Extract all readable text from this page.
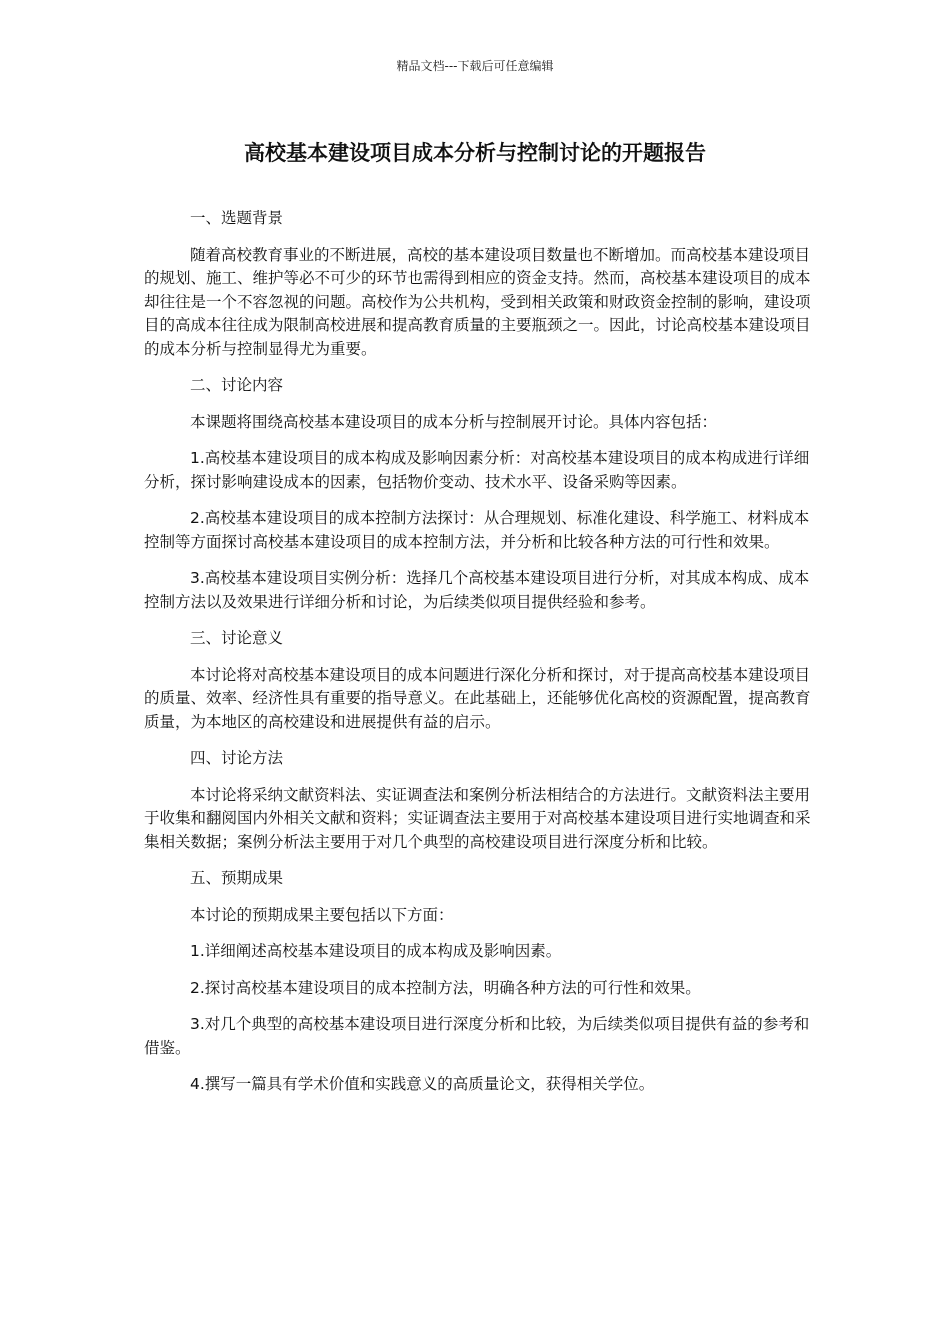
精品文档---下载后可任意编辑
高校基本建设项目成本分析与控制讨论的开题报告

一、选题背景

随着高校教育事业的不断进展，高校的基本建设项目数量也不断增加。而高校基本建设项目的规划、施工、维护等必不可少的环节也需得到相应的资金支持。然而，高校基本建设项目的成本却往往是一个不容忽视的问题。高校作为公共机构，受到相关政策和财政资金控制的影响，建设项目的高成本往往成为限制高校进展和提高教育质量的主要瓶颈之一。因此，讨论高校基本建设项目的成本分析与控制显得尤为重要。

二、讨论内容

本课题将围绕高校基本建设项目的成本分析与控制展开讨论。具体内容包括：

1.高校基本建设项目的成本构成及影响因素分析：对高校基本建设项目的成本构成进行详细分析，探讨影响建设成本的因素，包括物价变动、技术水平、设备采购等因素。

2.高校基本建设项目的成本控制方法探讨：从合理规划、标准化建设、科学施工、材料成本控制等方面探讨高校基本建设项目的成本控制方法，并分析和比较各种方法的可行性和效果。

3.高校基本建设项目实例分析：选择几个高校基本建设项目进行分析，对其成本构成、成本控制方法以及效果进行详细分析和讨论，为后续类似项目提供经验和参考。

三、讨论意义

本讨论将对高校基本建设项目的成本问题进行深化分析和探讨，对于提高高校基本建设项目的质量、效率、经济性具有重要的指导意义。在此基础上，还能够优化高校的资源配置，提高教育质量，为本地区的高校建设和进展提供有益的启示。

四、讨论方法

本讨论将采纳文献资料法、实证调查法和案例分析法相结合的方法进行。文献资料法主要用于收集和翻阅国内外相关文献和资料；实证调查法主要用于对高校基本建设项目进行实地调查和采集相关数据；案例分析法主要用于对几个典型的高校建设项目进行深度分析和比较。

五、预期成果

本讨论的预期成果主要包括以下方面：

1.详细阐述高校基本建设项目的成本构成及影响因素。

2.探讨高校基本建设项目的成本控制方法，明确各种方法的可行性和效果。

3.对几个典型的高校基本建设项目进行深度分析和比较，为后续类似项目提供有益的参考和借鉴。

4.撰写一篇具有学术价值和实践意义的高质量论文，获得相关学位。
